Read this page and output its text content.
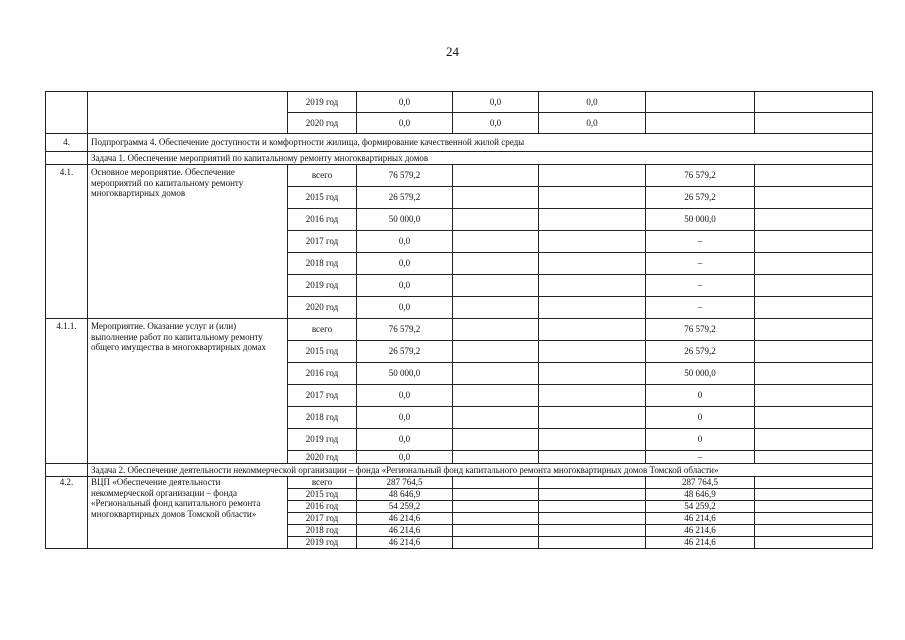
24
		2019 год	0,0	0,0	0,0		
		2020 год	0,0	0,0	0,0		
4.	Подпрограмма 4. Обеспечение доступности и комфортности жилища, формирование качественной жилой среды						
	Задача 1. Обеспечение мероприятий по капитальному ремонту многоквартирных домов						
4.1.	Основное мероприятие. Обеспечение мероприятий по капитальному ремонту многоквартирных домов	всего	76 579,2			76 579,2	
		2015 год	26 579,2			26 579,2	
		2016 год	50 000,0			50 000,0	
		2017 год	0,0			–	
		2018 год	0,0			–	
		2019 год	0,0			–	
		2020 год	0,0			–	
4.1.1.	Мероприятие. Оказание услуг и (или) выполнение работ по капитальному ремонту общего имущества в многоквартирных домах	всего	76 579,2			76 579,2	
		2015 год	26 579,2			26 579,2	
		2016 год	50 000,0			50 000,0	
		2017 год	0,0			0	
		2018 год	0,0			0	
		2019 год	0,0			0	
		2020 год	0,0			–	
	Задача 2. Обеспечение деятельности некоммерческой организации – фонда «Региональный фонд капитального ремонта многоквартирных домов Томской области»						
4.2.	ВЦП «Обеспечение деятельности некоммерческой организации – фонда «Региональный фонд капитального ремонта многоквартирных домов Томской области»	всего	287 764,5			287 764,5	
		2015 год	48 646,9			48 646,9	
		2016 год	54 259,2			54 259,2	
		2017 год	46 214,6			46 214,6	
		2018 год	46 214,6			46 214,6	
		2019 год	46 214,6			46 214,6	
